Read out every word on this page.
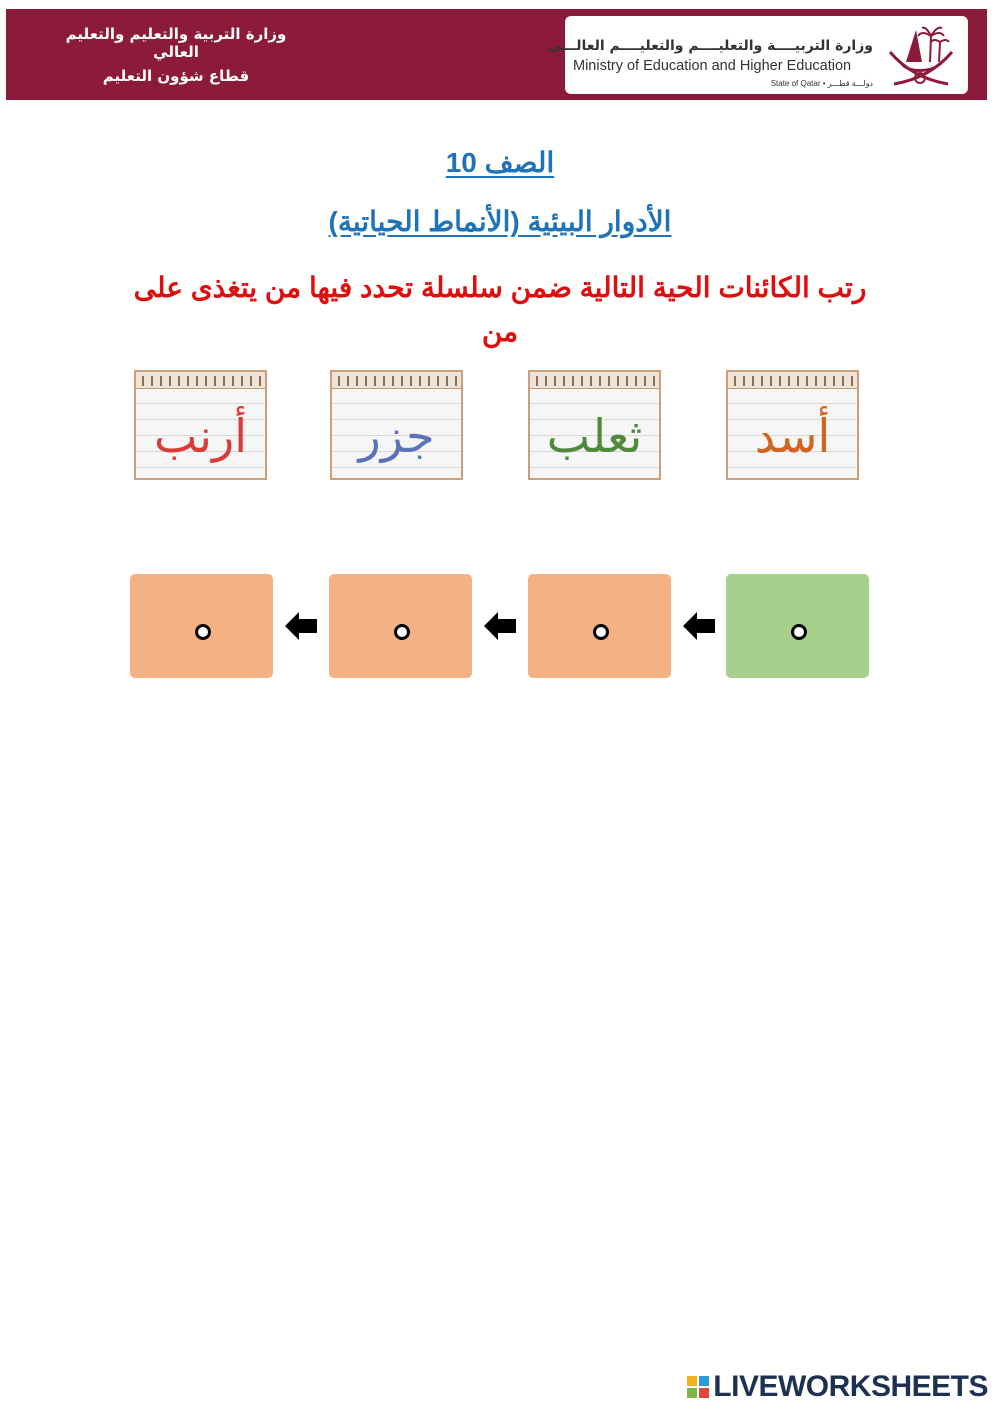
وزارة التربية والتعليم والتعليم العالي
قطاع شؤون التعليم
وزارة التربيــــة والتعليــــم والتعليــــم العالـــي
Ministry of Education and Higher Education
State of Qatar • دولـــة قطـــر
الصف 10
الأدوار البيئية (الأنماط الحياتية)
رتب الكائنات الحية التالية ضمن سلسلة تحدد فيها من يتغذى على من
أسد
ثعلب
جزر
أرنب
LIVEWORKSHEETS
